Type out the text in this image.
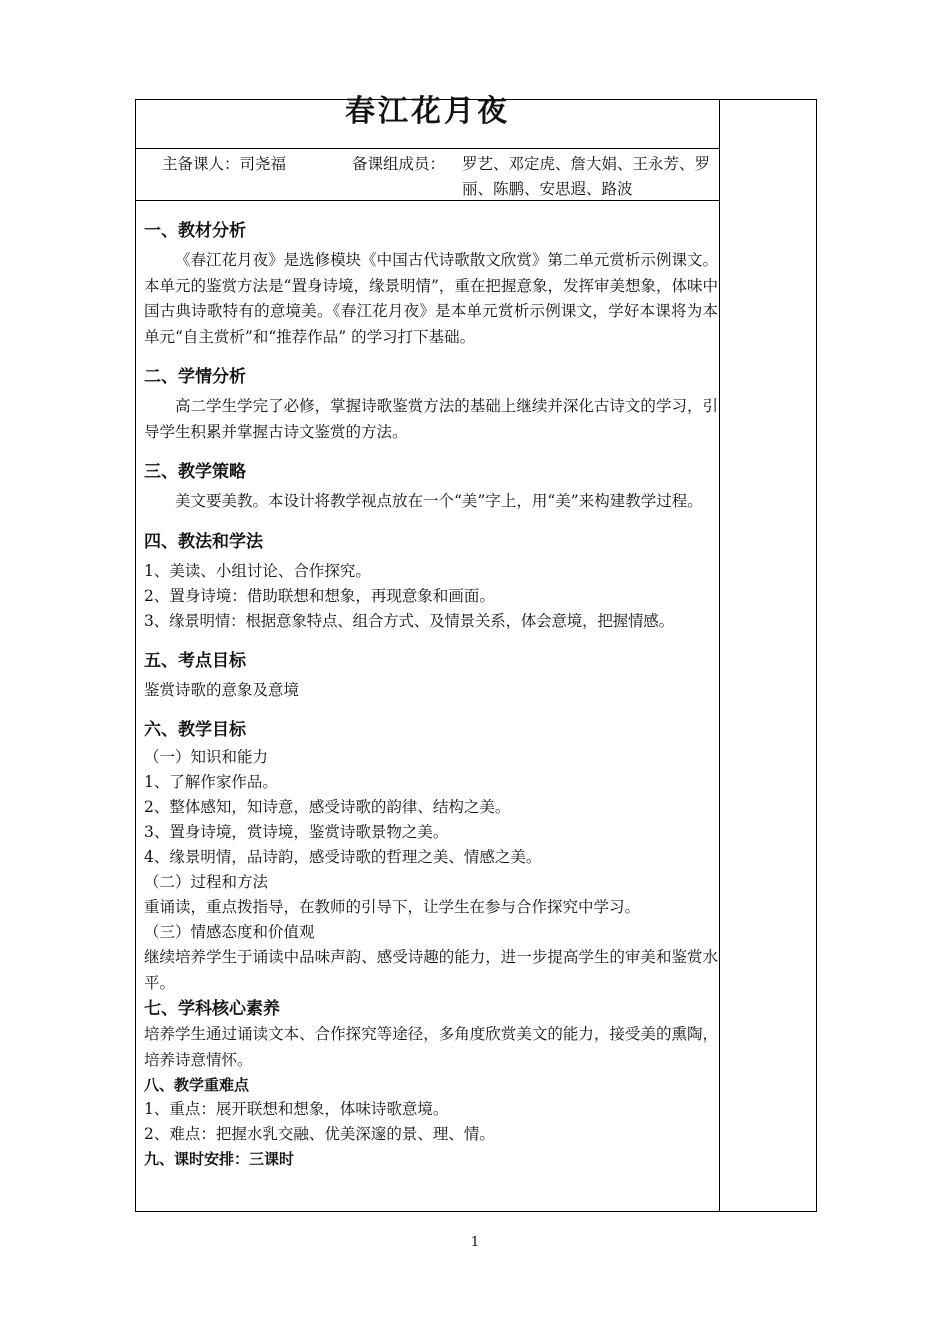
春江花月夜
主备课人：司尧福	备课组成员： 罗艺、邓定虎、詹大娟、王永芳、罗丽、陈鹏、安思遐、路波

一、教材分析

《春江花月夜》是选修模块《中国古代诗歌散文欣赏》第二单元赏析示例课文。本单元的鉴赏方法是“置身诗境，缘景明情”，重在把握意象，发挥审美想象，体味中国古典诗歌特有的意境美。《春江花月夜》是本单元赏析示例课文，学好本课将为本单元“自主赏析”和“推荐作品” 的学习打下基础。

二、学情分析

高二学生学完了必修，掌握诗歌鉴赏方法的基础上继续并深化古诗文的学习，引导学生积累并掌握古诗文鉴赏的方法。

三、教学策略

美文要美教。本设计将教学视点放在一个“美”字上，用“美”来构建教学过程。

四、教法和学法

1、美读、小组讨论、合作探究。

2、置身诗境：借助联想和想象，再现意象和画面。

3、缘景明情：根据意象特点、组合方式、及情景关系，体会意境，把握情感。

五、考点目标

鉴赏诗歌的意象及意境

六、教学目标

（一）知识和能力

1、了解作家作品。

2、整体感知，知诗意，感受诗歌的韵律、结构之美。

3、置身诗境，赏诗境，鉴赏诗歌景物之美。

4、缘景明情，品诗韵，感受诗歌的哲理之美、情感之美。

（二）过程和方法

重诵读，重点拨指导，在教师的引导下，让学生在参与合作探究中学习。

（三）情感态度和价值观

继续培养学生于诵读中品味声韵、感受诗趣的能力，进一步提高学生的审美和鉴赏水平。

七、学科核心素养

培养学生通过诵读文本、合作探究等途径，多角度欣赏美文的能力，接受美的熏陶，培养诗意情怀。

八、教学重难点

1、重点：展开联想和想象，体味诗歌意境。

2、难点：把握水乳交融、优美深邃的景、理、情。

九、课时安排：三课时

1
